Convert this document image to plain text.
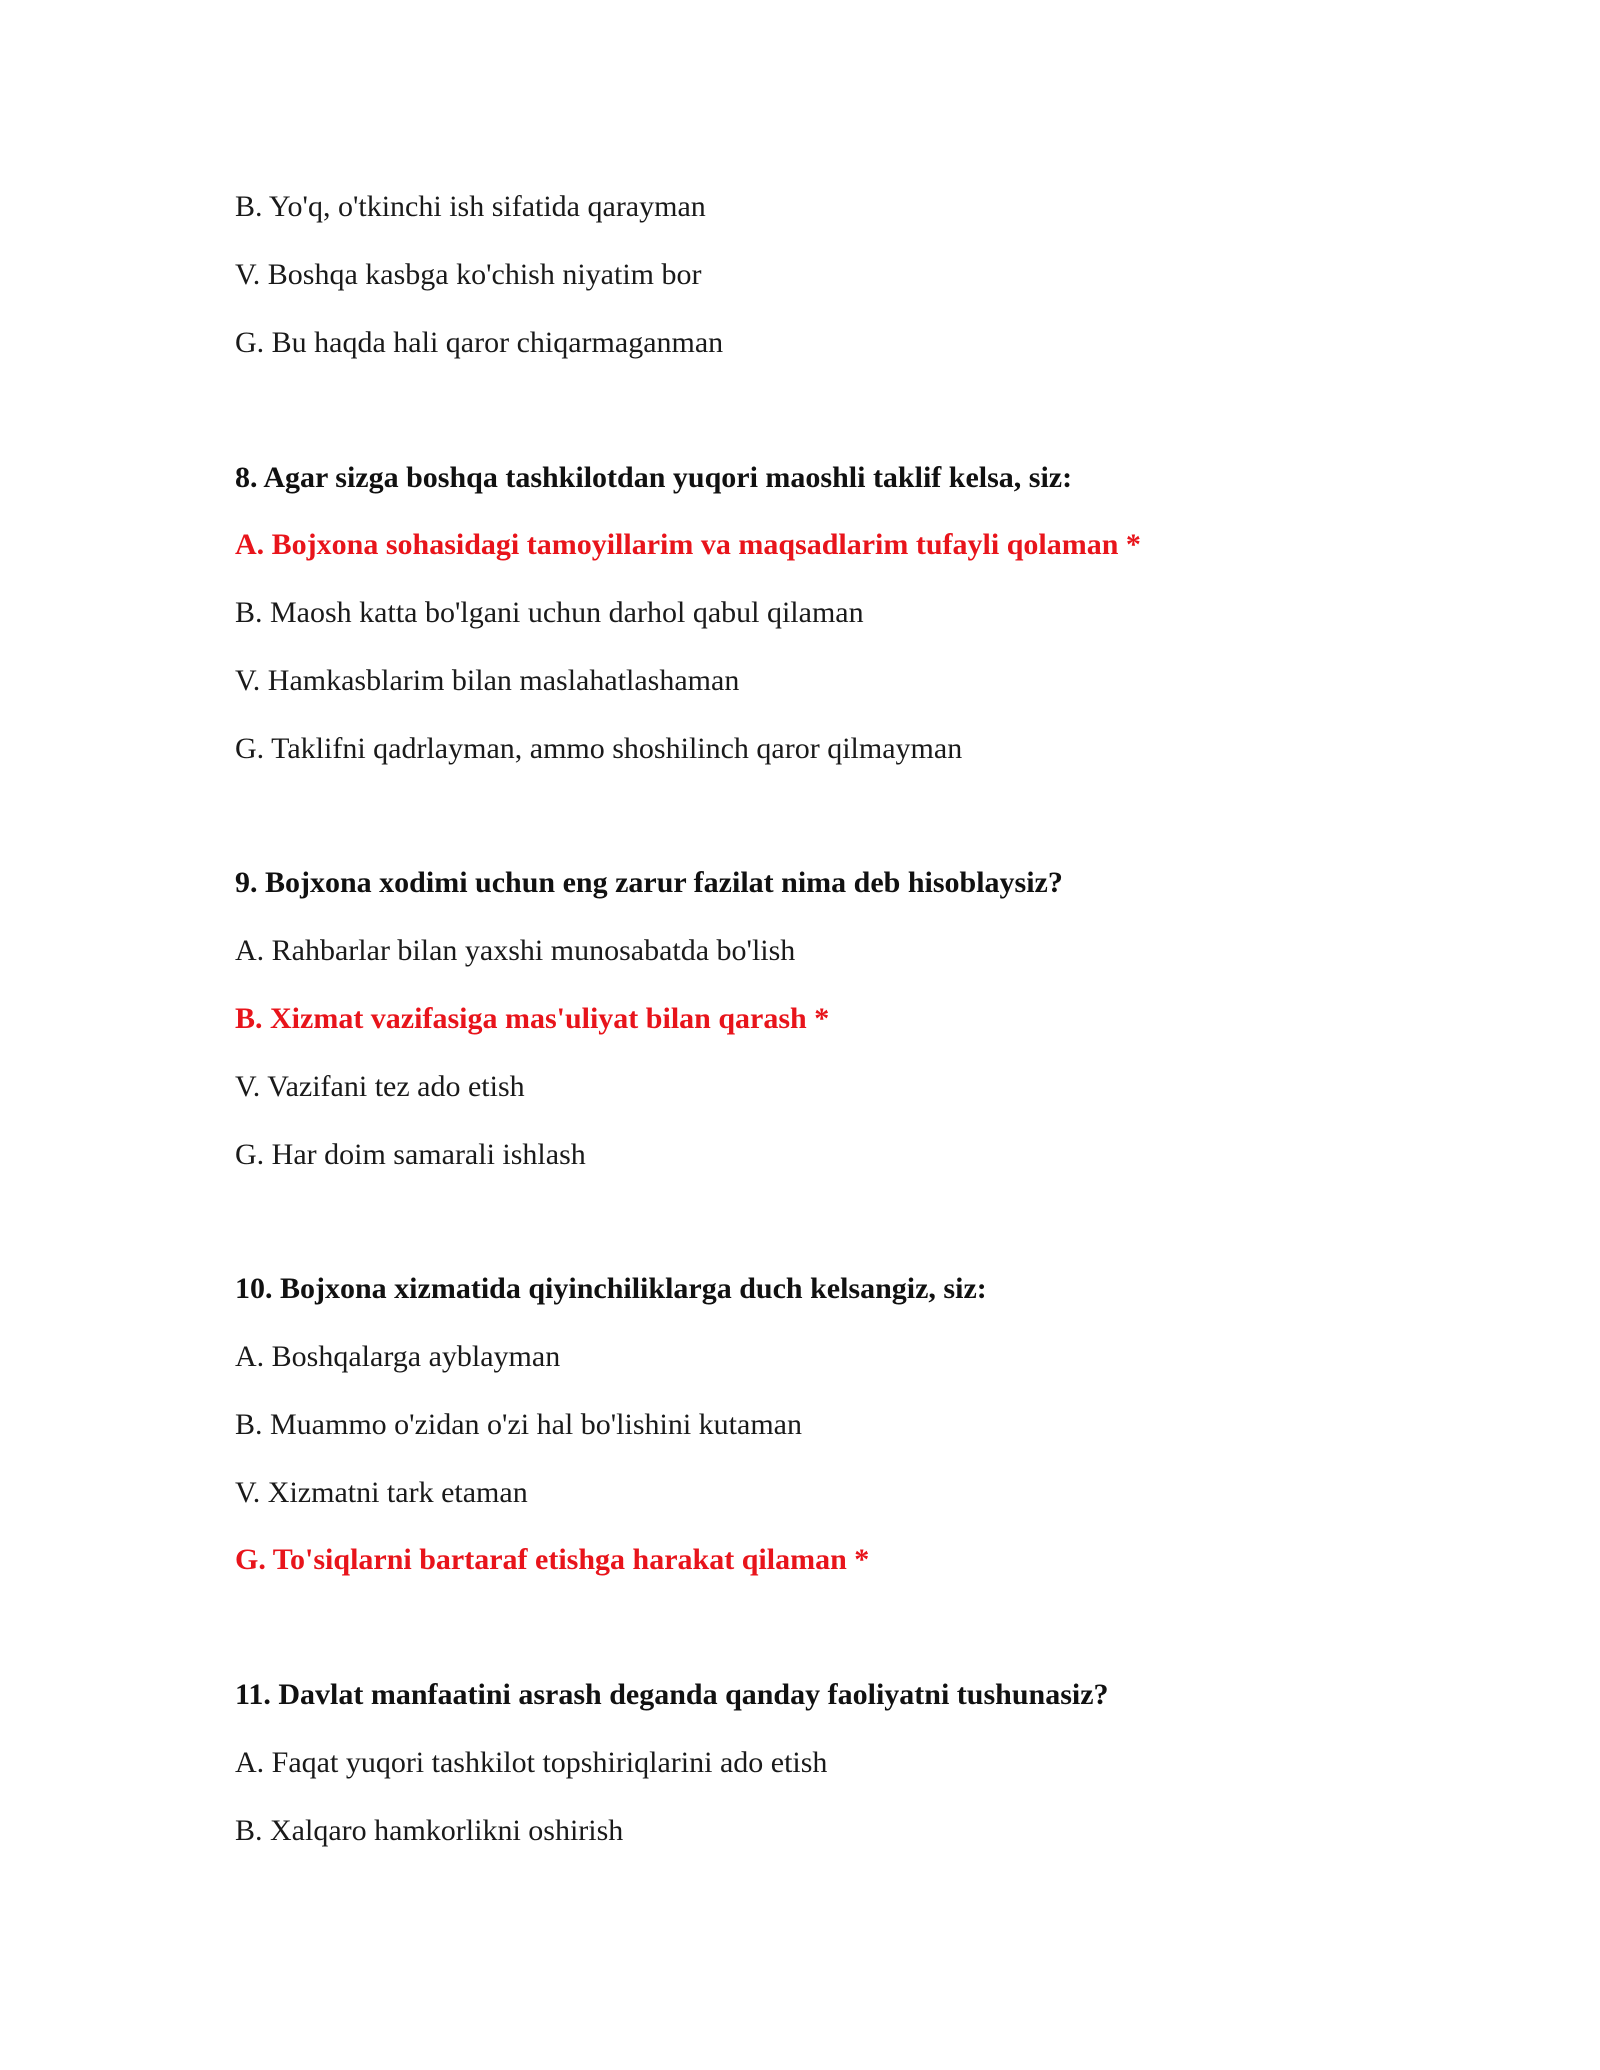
B. Yo'q, o'tkinchi ish sifatida qarayman
V. Boshqa kasbga ko'chish niyatim bor
G. Bu haqda hali qaror chiqarmaganman
8. Agar sizga boshqa tashkilotdan yuqori maoshli taklif kelsa, siz:
A. Bojxona sohasidagi tamoyillarim va maqsadlarim tufayli qolaman *
B. Maosh katta bo'lgani uchun darhol qabul qilaman
V. Hamkasblarim bilan maslahatlashaman
G. Taklifni qadrlayman, ammo shoshilinch qaror qilmayman
9. Bojxona xodimi uchun eng zarur fazilat nima deb hisoblaysiz?
A. Rahbarlar bilan yaxshi munosabatda bo'lish
B. Xizmat vazifasiga mas'uliyat bilan qarash *
V. Vazifani tez ado etish
G. Har doim samarali ishlash
10. Bojxona xizmatida qiyinchiliklarga duch kelsangiz, siz:
A. Boshqalarga ayblayman
B. Muammo o'zidan o'zi hal bo'lishini kutaman
V. Xizmatni tark etaman
G. To'siqlarni bartaraf etishga harakat qilaman *
11. Davlat manfaatini asrash deganda qanday faoliyatni tushunasiz?
A. Faqat yuqori tashkilot topshiriqlarini ado etish
B. Xalqaro hamkorlikni oshirish
